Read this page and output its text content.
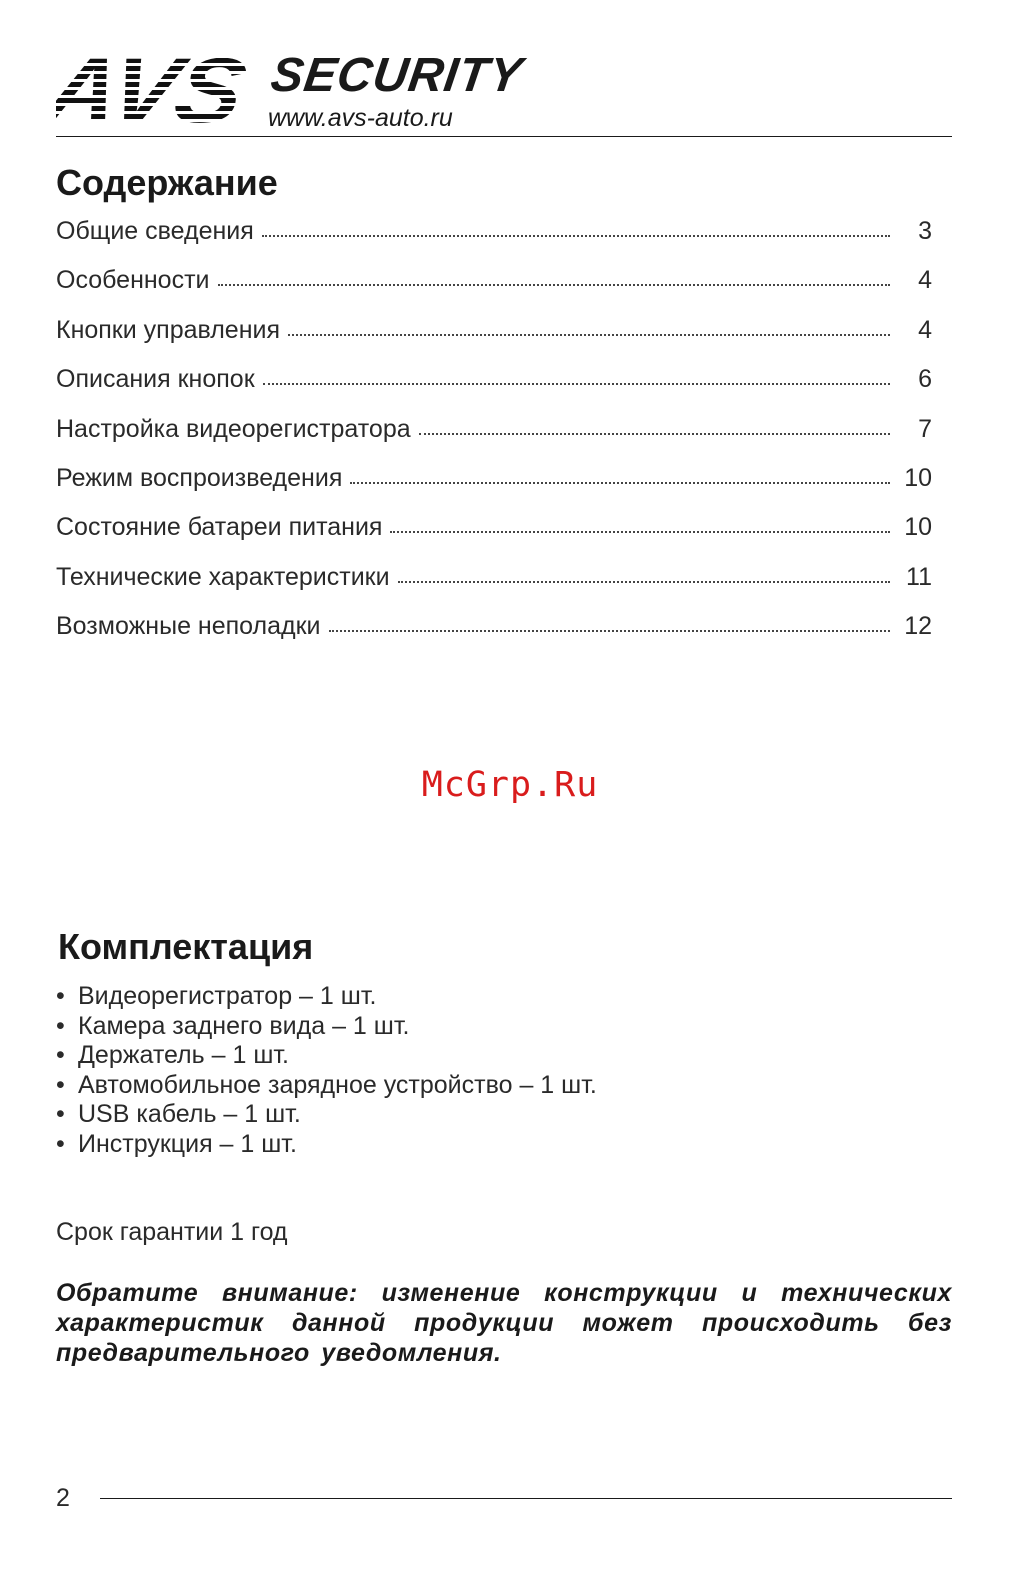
SECURITY
www.avs-auto.ru
Содержание
Общие сведения	3
Особенности	4
Кнопки управления	4
Описания кнопок	6
Настройка видеорегистратора	7
Режим воспроизведения	10
Состояние батареи питания	10
Технические характеристики	11
Возможные неполадки	12
McGrp.Ru
Комплектация
• Видеорегистратор – 1 шт.
• Камера заднего вида – 1 шт.
• Держатель – 1 шт.
• Автомобильное зарядное устройство – 1 шт.
• USB кабель – 1 шт.
• Инструкция – 1 шт.
Срок гарантии 1 год
Обратите внимание: изменение конструкции и технических характеристик данной продукции может происходить без предварительного уведомления.
2
